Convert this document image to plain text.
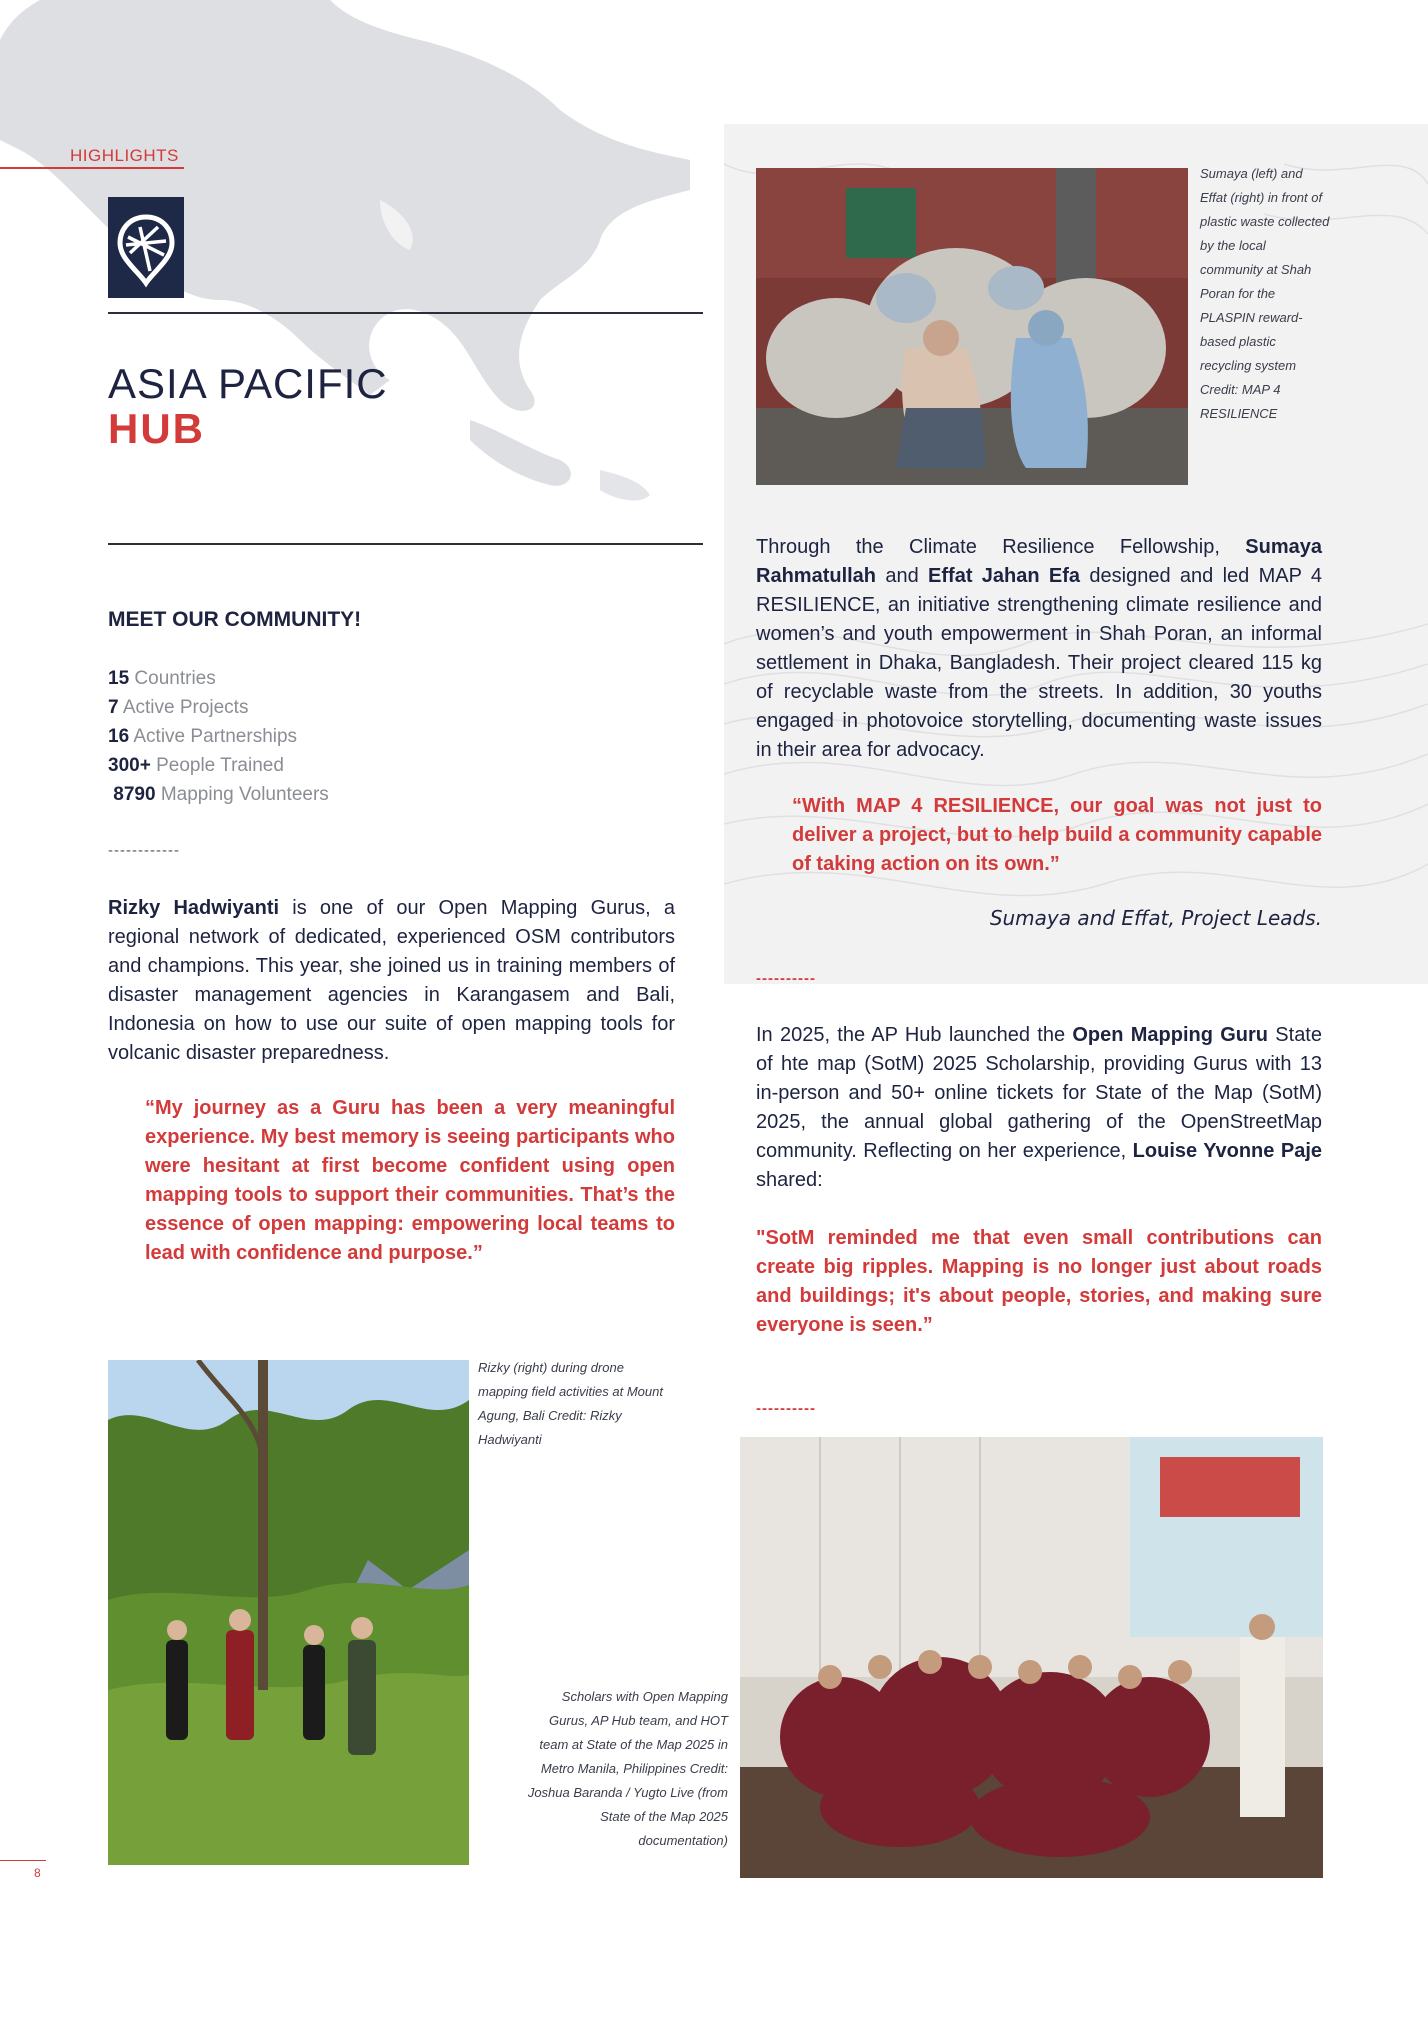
HIGHLIGHTS
ASIA PACIFIC
HUB
MEET OUR COMMUNITY!
15 Countries
7 Active Projects
16 Active Partnerships
300+ People Trained
8790 Mapping Volunteers
------------
Rizky Hadwiyanti is one of our Open Mapping Gurus, a regional network of dedicated, experienced OSM contributors and champions. This year, she joined us in training members of disaster management agencies in Karangasem and Bali, Indonesia on how to use our suite of open mapping tools for volcanic disaster preparedness.
“My journey as a Guru has been a very meaningful experience. My best memory is seeing participants who were hesitant at first become confident using open mapping tools to support their communities. That’s the essence of open mapping: empowering local teams to lead with confidence and purpose.”
Rizky (right) during drone mapping field activities at Mount Agung, Bali Credit: Rizky Hadwiyanti
Sumaya (left) and Effat (right) in front of plastic waste collected by the local community at Shah Poran for the PLASPIN reward-based plastic recycling system Credit: MAP 4 RESILIENCE
Through the Climate Resilience Fellowship, Sumaya Rahmatullah and Effat Jahan Efa designed and led MAP 4 RESILIENCE, an initiative strengthening climate resilience and women’s and youth empowerment in Shah Poran, an informal settlement in Dhaka, Bangladesh. Their project cleared 115 kg of recyclable waste from the streets. In addition, 30 youths engaged in photovoice storytelling, documenting waste issues in their area for advocacy.
“With MAP 4 RESILIENCE, our goal was not just to deliver a project, but to help build a community capable of taking action on its own.”
Sumaya and Effat, Project Leads.
----------
In 2025, the AP Hub launched the Open Mapping Guru State of hte map (SotM) 2025 Scholarship, providing Gurus with 13 in-person and 50+ online tickets for State of the Map (SotM) 2025, the annual global gathering of the OpenStreetMap community. Reflecting on her experience, Louise Yvonne Paje shared:
"SotM reminded me that even small contributions can create big ripples. Mapping is no longer just about roads and buildings; it's about people, stories, and making sure everyone is seen.”
----------
Scholars with Open Mapping Gurus, AP Hub team, and HOT team at State of the Map 2025 in Metro Manila, Philippines Credit: Joshua Baranda / Yugto Live (from State of the Map 2025 documentation)
8
